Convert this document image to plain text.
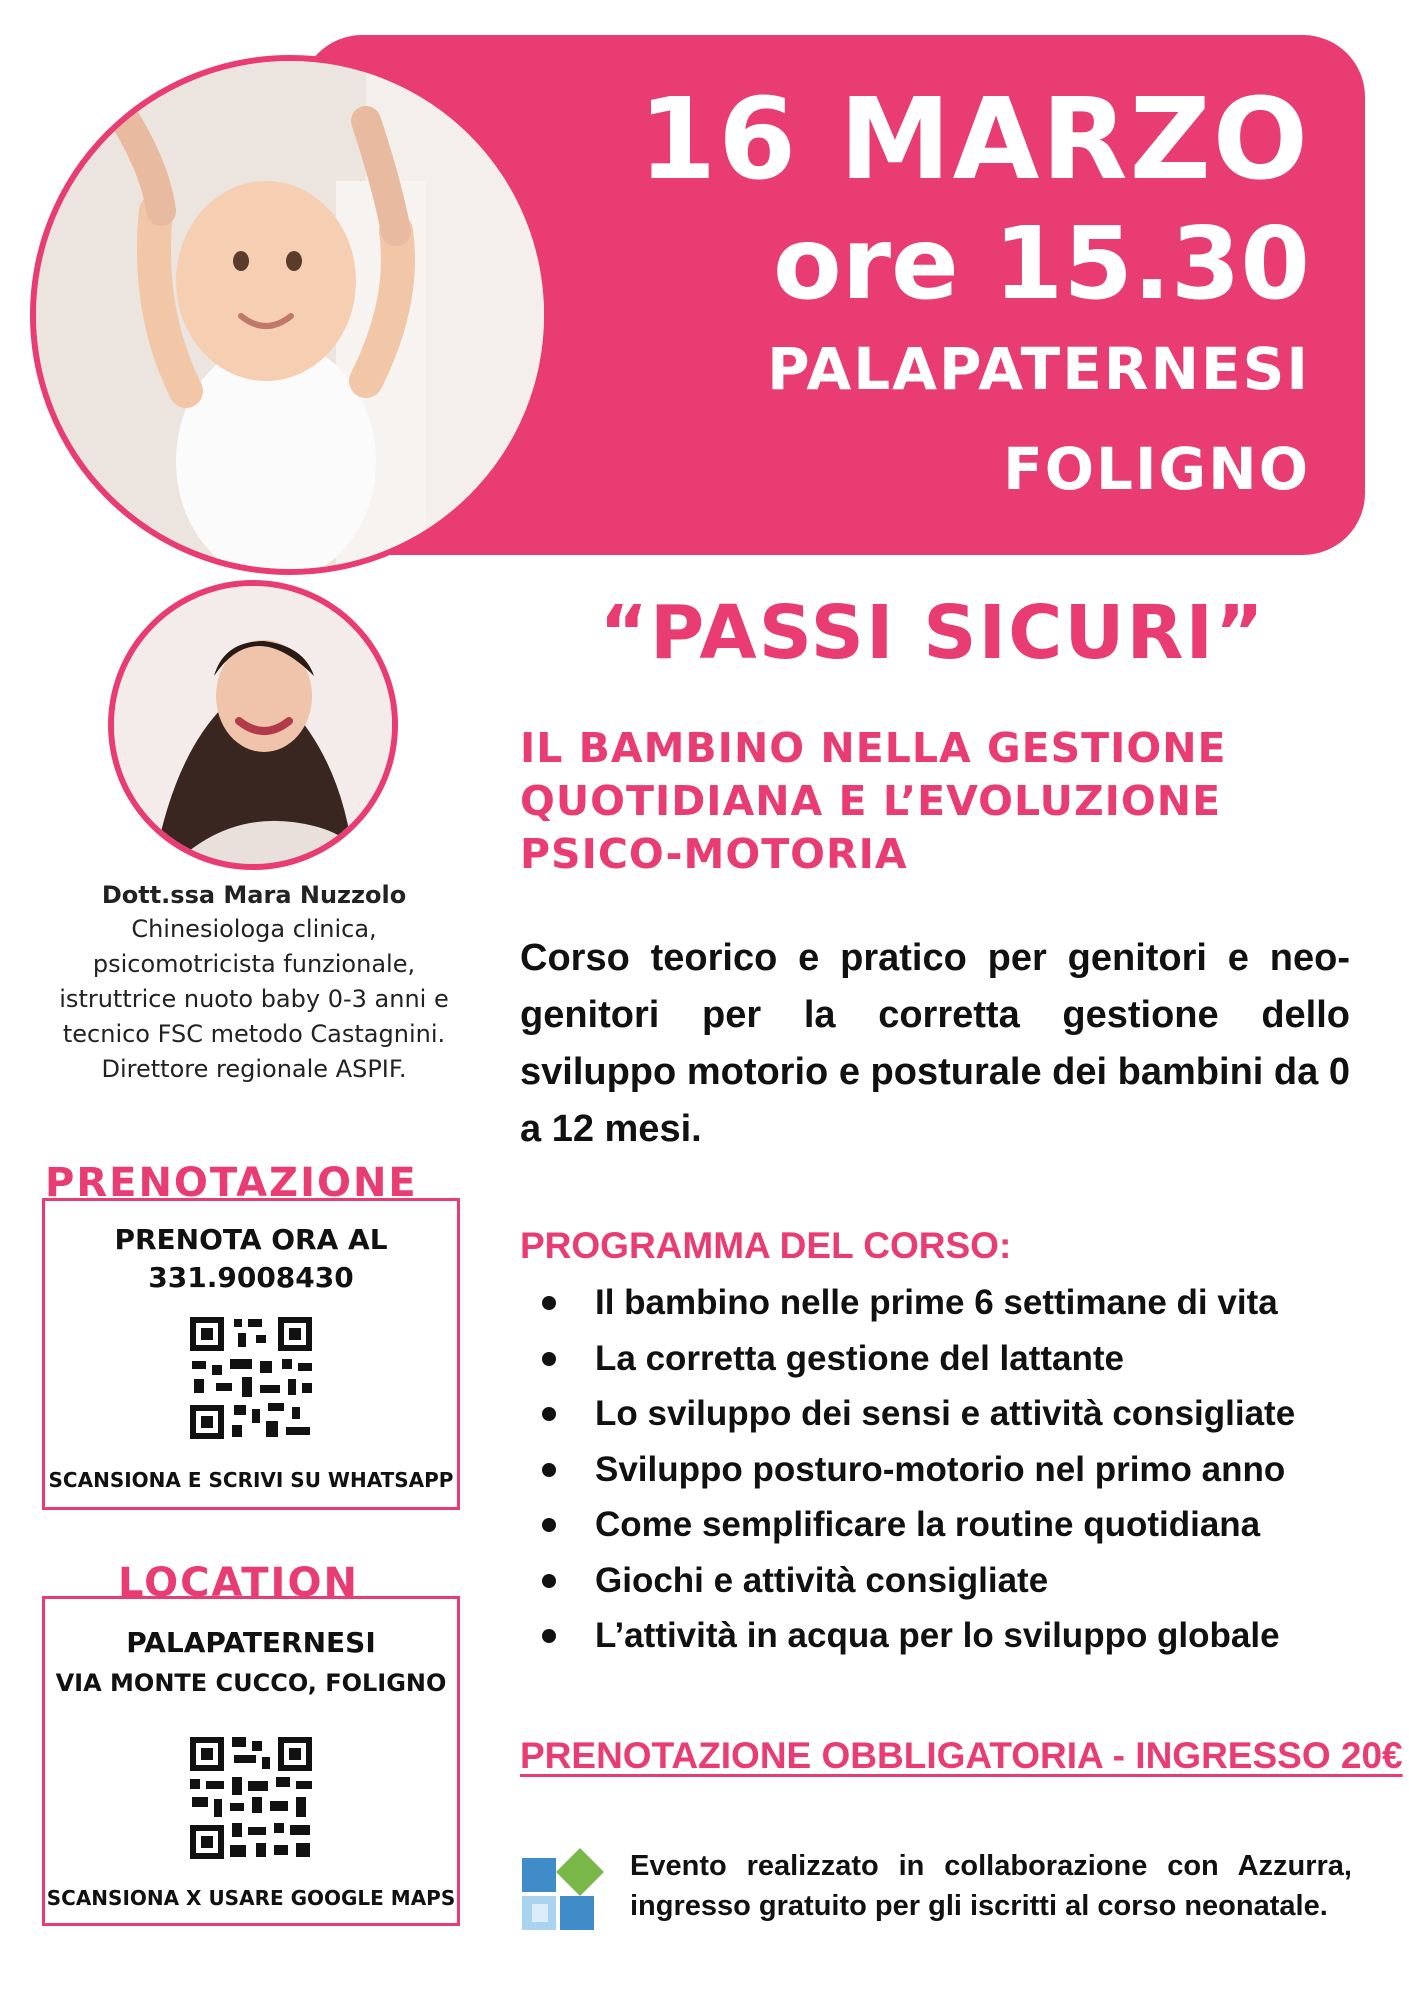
16 MARZO
ore 15.30
PALAPATERNESI
FOLIGNO
Dott.ssa Mara Nuzzolo
Chinesiologa clinica,
psicomotricista funzionale,
istruttrice nuoto baby 0-3 anni e
tecnico FSC metodo Castagnini.
Direttore regionale ASPIF.
PRENOTA ORA AL
331.9008430
SCANSIONA E SCRIVI SU WHATSAPP
PRENOTAZIONE
PALAPATERNESI
VIA MONTE CUCCO, FOLIGNO
SCANSIONA X USARE GOOGLE MAPS
LOCATION
“PASSI SICURI”
IL BAMBINO NELLA GESTIONE QUOTIDIANA E L’EVOLUZIONE PSICO-MOTORIA
Corso teorico e pratico per genitori e neo-genitori per la corretta gestione dello sviluppo motorio e posturale dei bambini da 0 a 12 mesi.
PROGRAMMA DEL CORSO:
Il bambino nelle prime 6 settimane di vita
La corretta gestione del lattante
Lo sviluppo dei sensi e attività consigliate
Sviluppo posturo-motorio nel primo anno
Come semplificare la routine quotidiana
Giochi e attività consigliate
L’attività in acqua per lo sviluppo globale
PRENOTAZIONE OBBLIGATORIA - INGRESSO 20€
Evento realizzato in collaborazione con Azzurra, ingresso gratuito per gli iscritti al corso neonatale.
